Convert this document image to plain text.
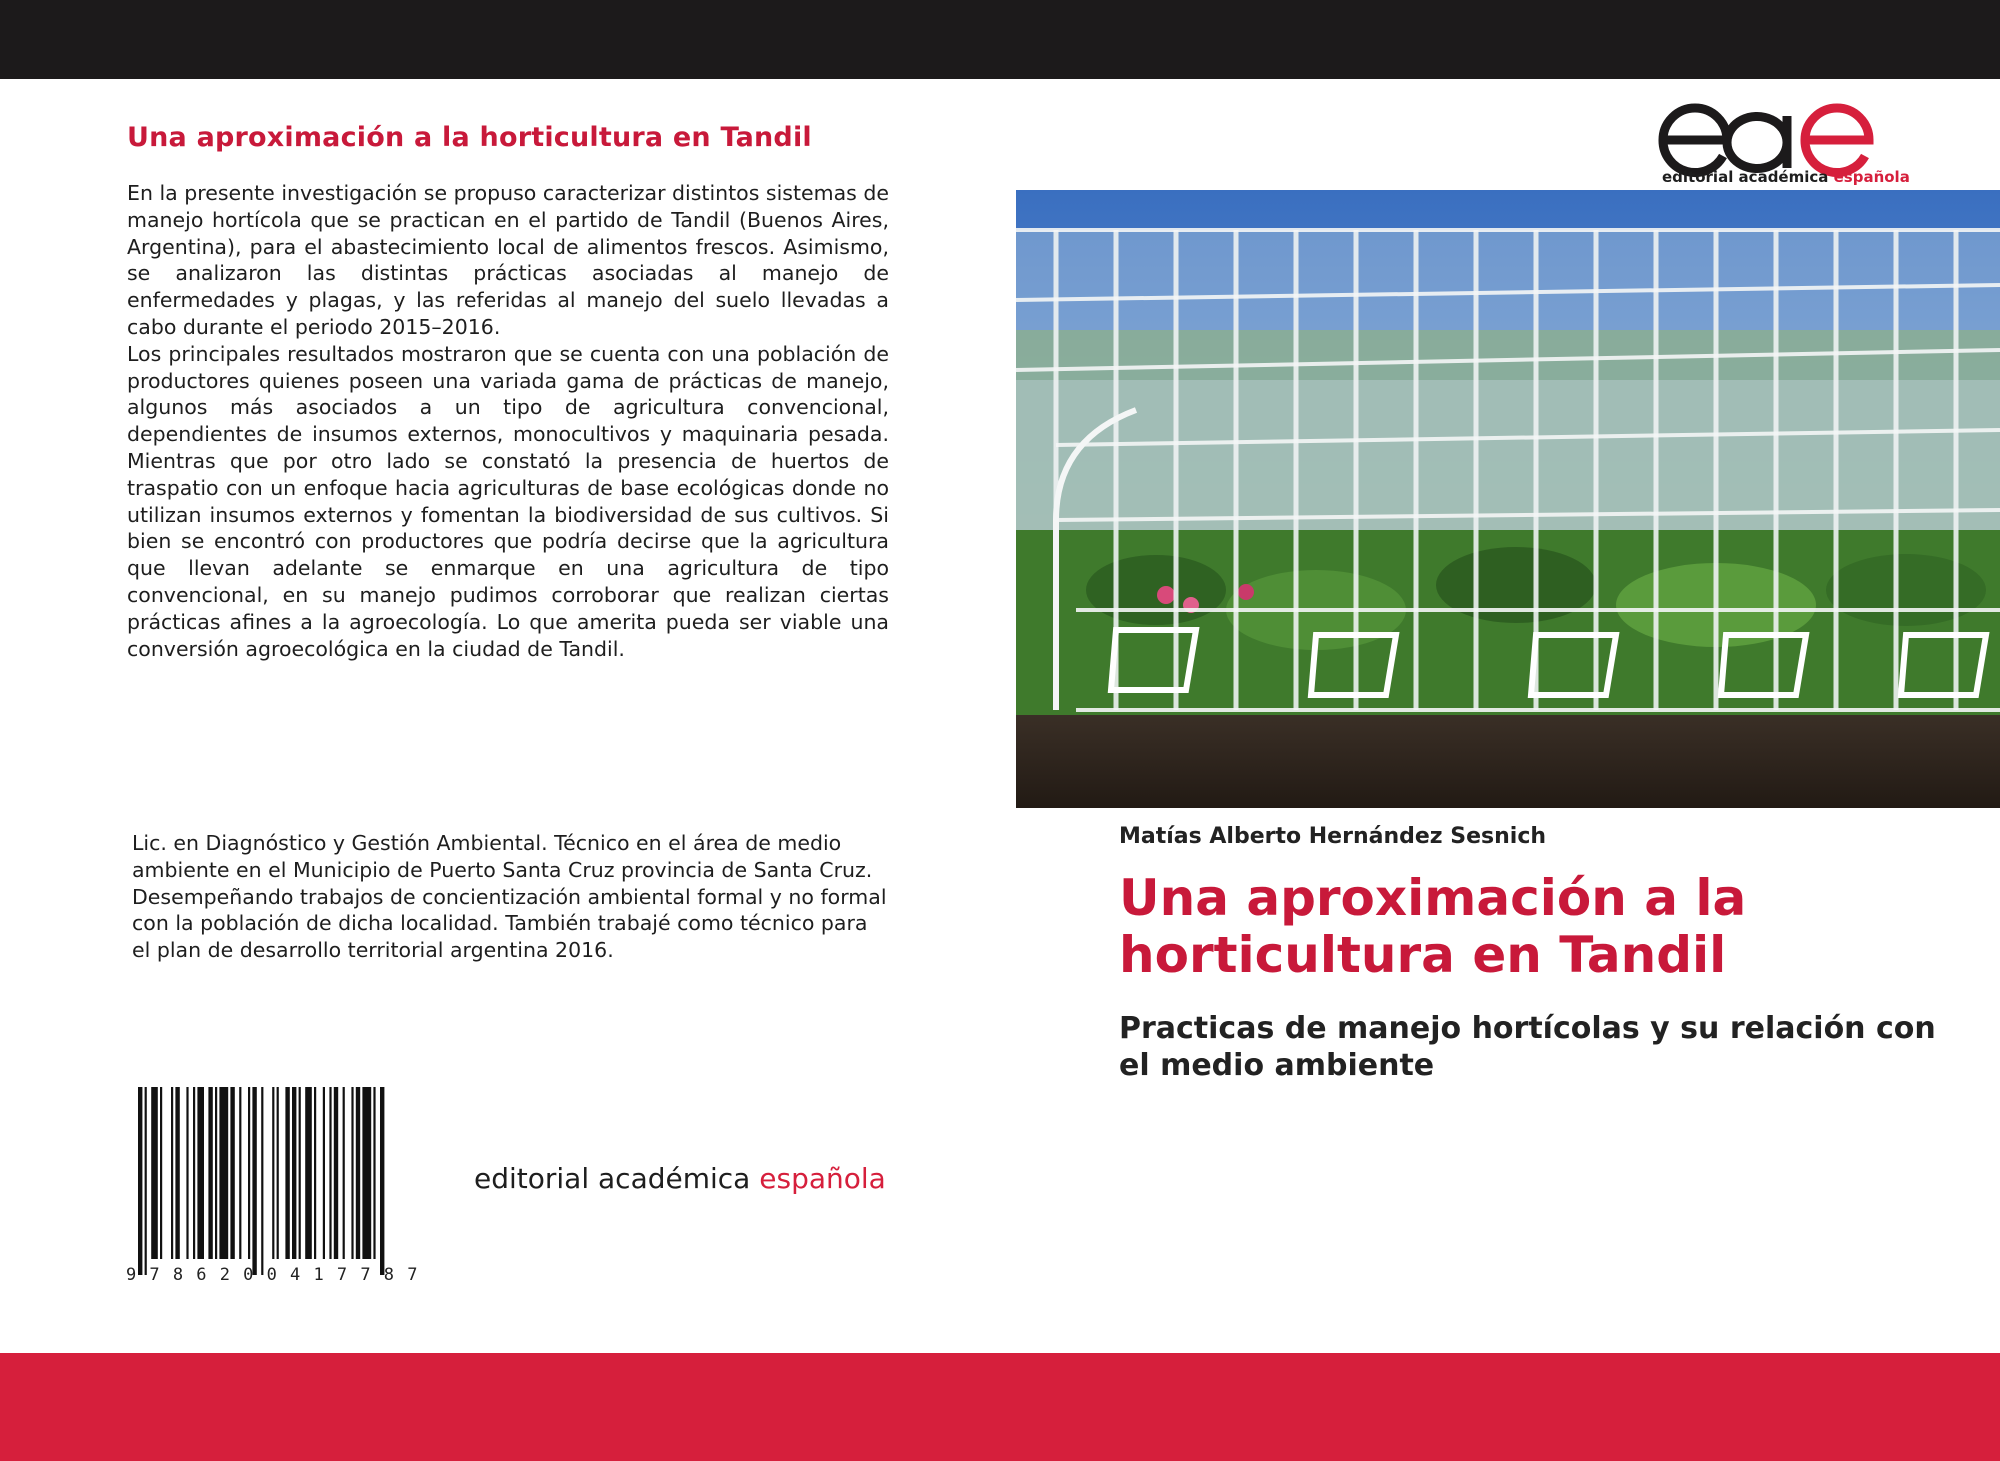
Una aproximación a la horticultura en Tandil

En la presente investigación se propuso caracterizar distintos sistemas de manejo hortícola que se practican en el partido de Tandil (Buenos Aires, Argentina), para el abastecimiento local de alimentos frescos. Asimismo, se analizaron las distintas prácticas asociadas al manejo de enfermedades y plagas, y las referidas al manejo del suelo llevadas a cabo durante el periodo 2015–2016.

Los principales resultados mostraron que se cuenta con una población de productores quienes poseen una variada gama de prácticas de manejo, algunos más asociados a un tipo de agricultura convencional, dependientes de insumos externos, monocultivos y maquinaria pesada. Mientras que por otro lado se constató la presencia de huertos de traspatio con un enfoque hacia agriculturas de base ecológicas donde no utilizan insumos externos y fomentan la biodiversidad de sus cultivos. Si bien se encontró con productores que podría decirse que la agricultura que llevan adelante se enmarque en una agricultura de tipo convencional, en su manejo pudimos corroborar que realizan ciertas prácticas afines a la agroecología. Lo que amerita pueda ser viable una conversión agroecológica en la ciudad de Tandil.

Lic. en Diagnóstico y Gestión Ambiental. Técnico en el área de medio ambiente en el Municipio de Puerto Santa Cruz provincia de Santa Cruz. Desempeñando trabajos de concientización ambiental formal y no formal con la población de dicha localidad. También trabajé como técnico para el plan de desarrollo territorial argentina 2016.
9786200417787
editorial académica española
editorial académica española
Matías Alberto Hernández Sesnich
Una aproximación a la horticultura en Tandil
Practicas de manejo hortícolas y su relación con el medio ambiente
